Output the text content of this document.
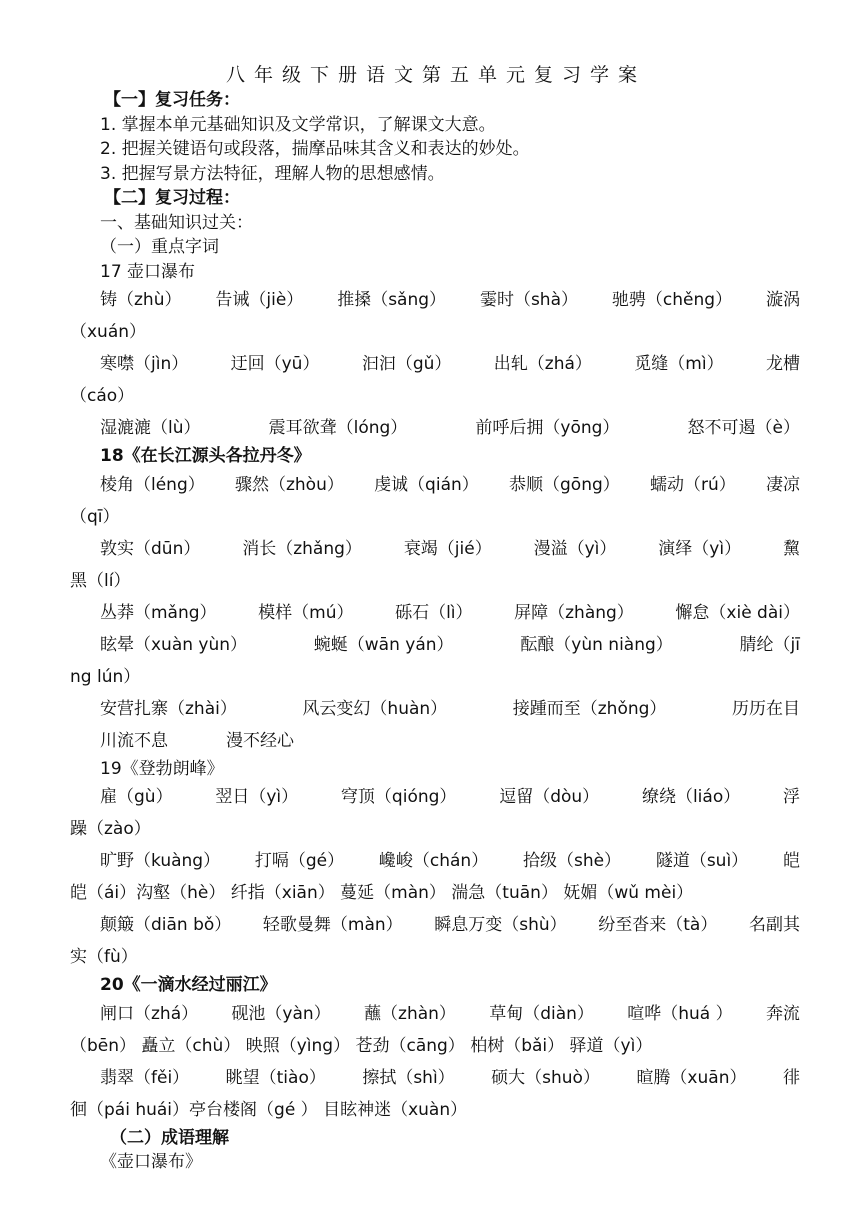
八年级下册语文第五单元复习学案
【一】复习任务：
1. 掌握本单元基础知识及文学常识，了解课文大意。
2. 把握关键语句或段落，揣摩品味其含义和表达的妙处。
3. 把握写景方法特征，理解人物的思想感情。
【二】复习过程：
一、基础知识过关：
（一）重点字词
17 壶口瀑布
铸（zhù） 告诫（jiè） 推搡（sǎng） 霎时（shà） 驰骋（chěng） 漩涡
（xuán）
寒噤（jìn） 迂回（yū） 汩汩（gǔ） 出轧（zhá） 觅缝（mì） 龙槽
（cáo）
湿漉漉（lù）	震耳欲聋（lóng）	前呼后拥（yōng）	怒不可遏（è）
18《在长江源头各拉丹冬》
棱角（léng） 骤然（zhòu） 虔诚（qián） 恭顺（gōng） 蠕动（rú） 凄凉
（qī）
敦实（dūn） 消长（zhǎng） 衰竭（jié） 漫溢（yì） 演绎（yì） 黧
黑（lí）
丛莽（mǎng） 模样（mú） 砾石（lì） 屏障（zhàng） 懈怠（xiè dài）
眩晕（xuàn yùn）	蜿蜒（wān yán）	酝酿（yùn niàng）	腈纶（jī
ng lún）
安营扎寨（zhài）	风云变幻（huàn）	接踵而至（zhǒng）	历历在目
川流不息	漫不经心
19《登勃朗峰》
雇（gù）	翌日（yì）	穹顶（qióng）	逗留（dòu）	缭绕（liáo）	浮
躁（zào）
旷野（kuàng） 打嗝（gé） 巉峻（chán） 拾级（shè） 隧道（suì） 皑
皑（ái）沟壑（hè） 纤指（xiān） 蔓延（màn） 湍急（tuān） 妩媚（wǔ mèi）
颠簸（diān bǒ） 轻歌曼舞（màn） 瞬息万变（shù） 纷至沓来（tà） 名副其
实（fù）
20《一滴水经过丽江》
闸口（zhá） 砚池（yàn） 蘸（zhàn） 草甸（diàn） 喧哗（huá ） 奔流
（bēn） 矗立（chù） 映照（yìng） 苍劲（cāng） 柏树（bǎi） 驿道（yì）
翡翠（fěi） 眺望（tiào） 擦拭（shì） 硕大（shuò） 暄腾（xuān） 徘
徊（pái huái）亭台楼阁（gé ） 目眩神迷（xuàn）
（二）成语理解
《壶口瀑布》
